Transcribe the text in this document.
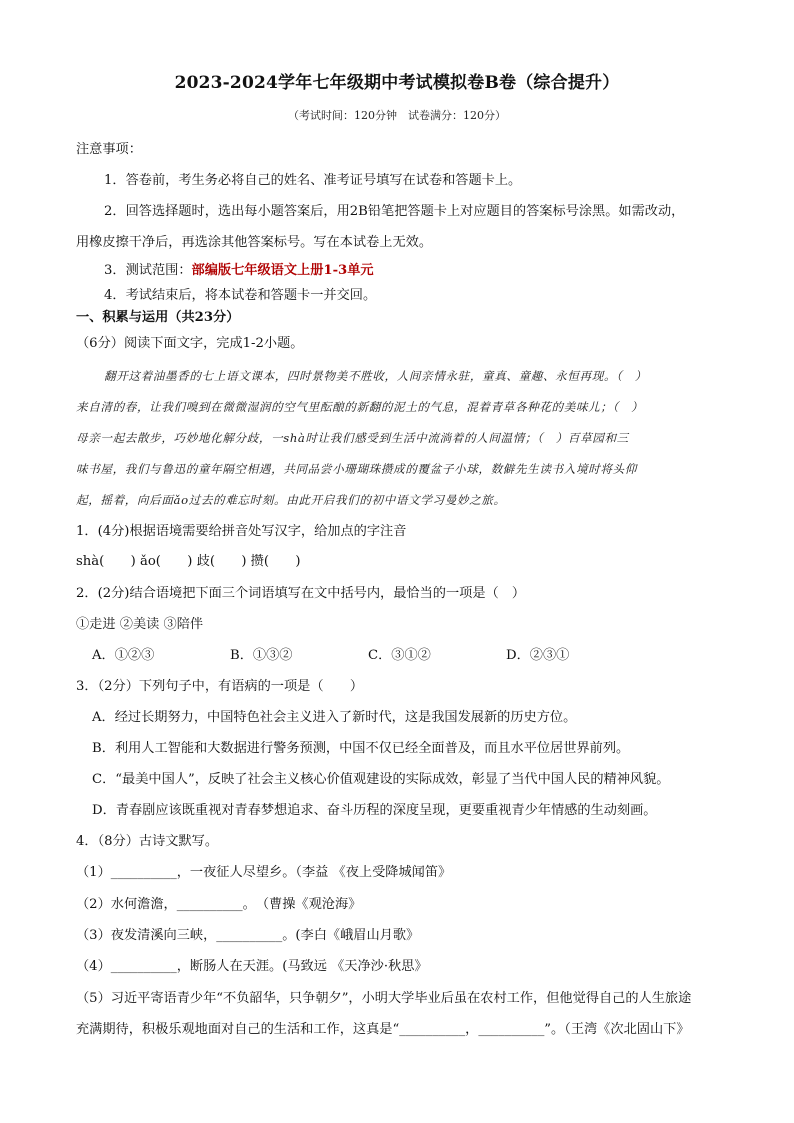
2023-2024学年七年级期中考试模拟卷B卷（综合提升）
（考试时间：120分钟　试卷满分：120分）
注意事项：
1．答卷前，考生务必将自己的姓名、准考证号填写在试卷和答题卡上。
2．回答选择题时，选出每小题答案后，用2B铅笔把答题卡上对应题目的答案标号涂黑。如需改动，
用橡皮擦干净后，再选涂其他答案标号。写在本试卷上无效。
3．测试范围：部编版七年级语文上册1-3单元
4．考试结束后，将本试卷和答题卡一并交回。
一、积累与运用（共23分）
（6分）阅读下面文字，完成1-2小题。
翻开这着油墨香的七上语文课本，四时景物美不胜收，人间亲情永驻，童真、童趣、永恒再现。（　）
来自清的春，让我们嗅到在微微湿润的空气里酝酿的新翻的泥土的气息，混着青草各种花的美味儿；（　）
母亲一起去散步，巧妙地化解分歧，一shà时让我们感受到生活中流淌着的人间温情；（　）百草园和三
味书屋，我们与鲁迅的童年隔空相遇，共同品尝小珊瑚珠攒成的覆盆子小球，数僻先生读书入境时将头仰
起，摇着，向后面ǎo过去的难忘时刻。由此开启我们的初中语文学习曼妙之旅。
1．(4分)根据语境需要给拼音处写汉字，给加点的字注音
shà(　　) ǎo(　　) 歧(　　) 攒(　　)
2．(2分)结合语境把下面三个词语填写在文中括号内，最恰当的一项是（　）
①走进 ②美读 ③陪伴
A．①②③	B．①③②	C．③①②	D．②③①
3．（2分）下列句子中，有语病的一项是（　　）
A．经过长期努力，中国特色社会主义进入了新时代，这是我国发展新的历史方位。
B．利用人工智能和大数据进行警务预测，中国不仅已经全面普及，而且水平位居世界前列。
C．“最美中国人”，反映了社会主义核心价值观建设的实际成效，彰显了当代中国人民的精神风貌。
D．青春剧应该既重视对青春梦想追求、奋斗历程的深度呈现，更要重视青少年情感的生动刻画。
4．（8分）古诗文默写。
（1）__________，一夜征人尽望乡。（李益 《夜上受降城闻笛》
（2）水何澹澹，__________。　（曹操《观沧海》
（3）夜发清溪向三峡，__________。(李白《峨眉山月歌》
（4）__________，断肠人在天涯。(马致远 《天净沙·秋思》
（5）习近平寄语青少年“不负韶华，只争朝夕”，小明大学毕业后虽在农村工作，但他觉得自己的人生旅途
充满期待，积极乐观地面对自己的生活和工作，这真是“__________，__________”。（王湾《次北固山下》
